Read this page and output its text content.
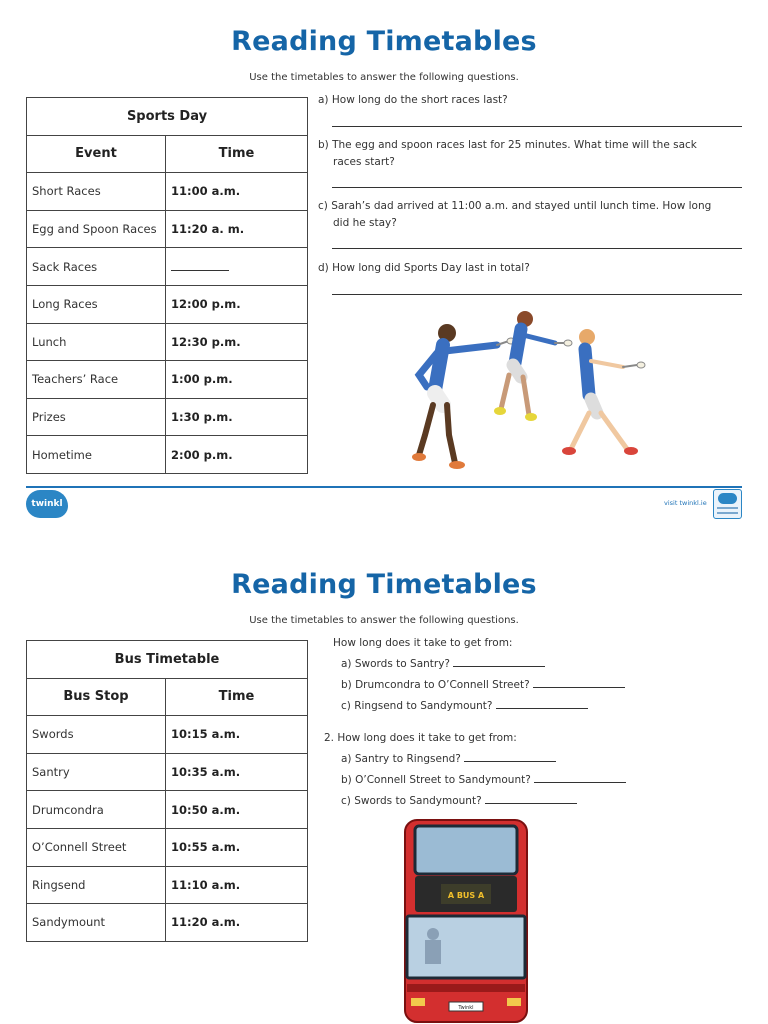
Reading Timetables
Use the timetables to answer the following questions.
Sports Day	
Event	Time
Short Races	11:00 a.m.
Egg and Spoon Races	11:20 a. m.
Sack Races	
Long Races	12:00 p.m.
Lunch	12:30 p.m.
Teachers’ Race	1:00 p.m.
Prizes	1:30 p.m.
Hometime	2:00 p.m.
a) How long do the short races last?
b) The egg and spoon races last for 25 minutes. What time will the sack
races start?
c) Sarah’s dad arrived at 11:00 a.m. and stayed until lunch time. How long
did he stay?
d) How long did Sports Day last in total?
twinkl	visit twinkl.ie
Reading Timetables
Use the timetables to answer the following questions.
Bus Timetable	
Bus Stop	Time
Swords	10:15 a.m.
Santry	10:35 a.m.
Drumcondra	10:50 a.m.
O’Connell Street	10:55 a.m.
Ringsend	11:10 a.m.
Sandymount	11:20 a.m.
How long does it take to get from:
a) Swords to Santry?
b) Drumcondra to O’Connell Street?
c) Ringsend to Sandymount?
2. How long does it take to get from:
a) Santry to Ringsend?
b) O’Connell Street to Sandymount?
c) Swords to Sandymount?
A BUS A
Twinkl
